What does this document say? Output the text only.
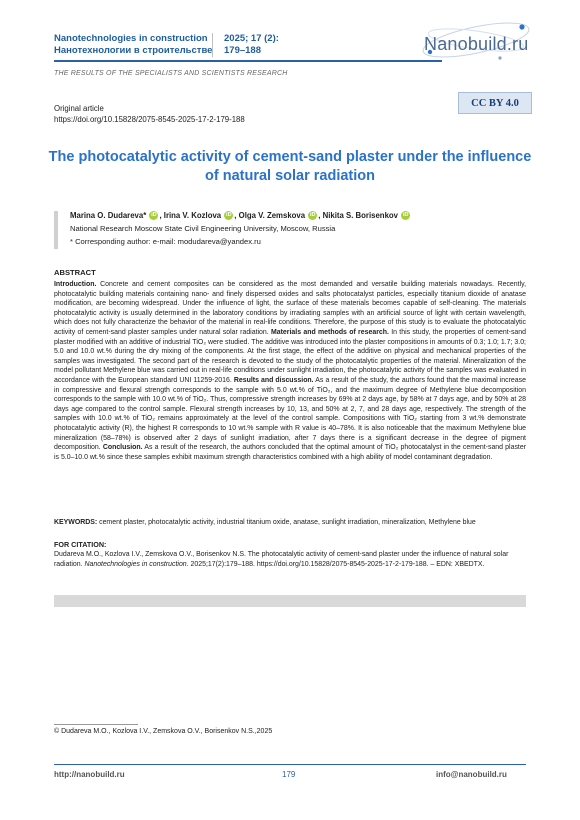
Nanotechnologies in construction
Нанотехнологии в строительстве
2025; 17 (2):
179–188	Nanobuild.ru
THE RESULTS OF THE SPECIALISTS AND SCIENTISTS RESEARCH
CC BY 4.0
Original article
https://doi.org/10.15828/2075-8545-2025-17-2-179-188
The photocatalytic activity of cement-sand plaster under the influence of natural solar radiation
Marina O. Dudareva* iD , Irina V. Kozlova iD , Olga V. Zemskova iD , Nikita S. Borisenkov iD
National Research Moscow State Civil Engineering University, Moscow, Russia
* Corresponding author: e-mail: modudareva@yandex.ru
ABSTRACT
Introduction. Concrete and cement composites can be considered as the most demanded and versatile building materials nowadays. Recently, photocatalytic building materials containing nano- and finely dispersed oxides and salts photocatalyst particles, especially titanium dioxide of anatase modification, are becoming widespread. Under the influence of light, the surface of these materials becomes capable of self-cleaning. The materials photocatalytic activity is usually determined in the laboratory conditions by irradiating samples with an artificial source of light with certain wavelength, which does not fully characterize the behavior of the material in real-life conditions. Therefore, the purpose of this study is to evaluate the photocatalytic activity of cement-sand plaster samples under natural solar radiation. Materials and methods of research. In this study, the properties of cement-sand plaster modified with an additive of industrial TiO₂ were studied. The additive was introduced into the plaster compositions in amounts of 0.3; 1.0; 1.7; 3.0; 5.0 and 10.0 wt.% during the dry mixing of the components. At the first stage, the effect of the additive on physical and mechanical properties of the samples was investigated. The second part of the research is devoted to the study of the photocatalytic properties of the material. Mineralization of the model pollutant Methylene blue was carried out in real-life conditions under sunlight irradiation, the photocatalytic activity of the samples was evaluated in accordance with the European standard UNI 11259-2016. Results and discussion. As a result of the study, the authors found that the maximal increase in compressive and flexural strength corresponds to the sample with 5.0 wt.% of TiO₂, and the maximum degree of Methylene blue decomposition corresponds to the sample with 10.0 wt.% of TiO₂. Thus, compressive strength increases by 69% at 2 days age, by 58% at 7 days age, and by 50% at 28 days age compared to the control sample. Flexural strength increases by 10, 13, and 50% at 2, 7, and 28 days age, respectively. The strength of the samples with 10.0 wt.% of TiO₂ remains approximately at the level of the control sample. Compositions with TiO₂ starting from 3 wt.% demonstrate photocatalytic activity (R), the highest R corresponds to 10 wt.% sample with R value is 40–78%. It is also noticeable that the maximum Methylene blue mineralization (58–78%) is observed after 2 days of sunlight irradiation, after 7 days there is a significant decrease in the degree of pigment decomposition. Conclusion. As a result of the research, the authors concluded that the optimal amount of TiO₂ photocatalyst in the cement-sand plaster is 5.0–10.0 wt.% since these samples exhibit maximum strength characteristics combined with a high ability of model contaminant degradation.
KEYWORDS: cement plaster, photocatalytic activity, industrial titanium oxide, anatase, sunlight irradiation, mineralization, Methylene blue
FOR CITATION:
Dudareva M.O., Kozlova I.V., Zemskova O.V., Borisenkov N.S. The photocatalytic activity of cement-sand plaster under the influence of natural solar radiation. Nanotechnologies in construction. 2025;17(2):179–188. https://doi.org/10.15828/2075-8545-2025-17-2-179-188. – EDN: XBEDTX.
© Dudareva M.O., Kozlova I.V., Zemskova O.V., Borisenkov N.S.,2025
http://nanobuild.ru	179	info@nanobuild.ru
